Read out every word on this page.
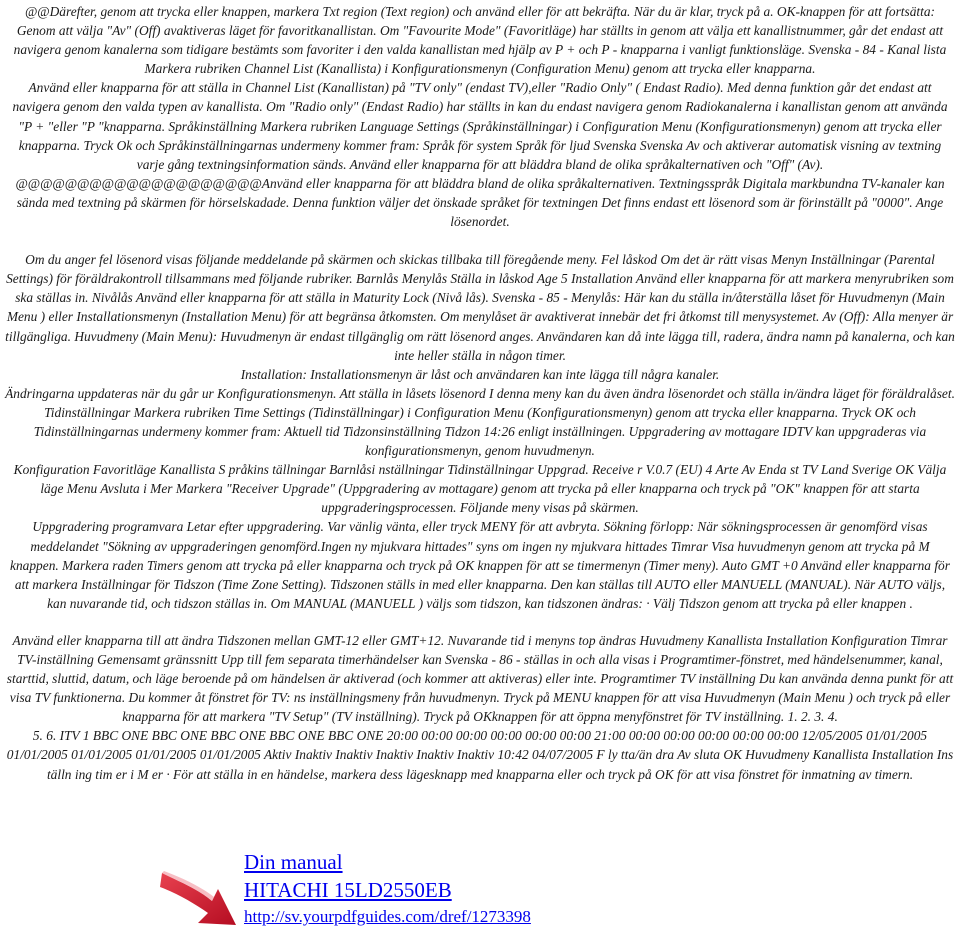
@@Därefter, genom att trycka eller knappen, markera Txt region (Text region) och använd eller för att bekräfta. När du är klar, tryck på a. OK-knappen för att fortsätta: Genom att välja "Av" (Off) avaktiveras läget för favoritkanallistan. Om "Favourite Mode" (Favoritläge) har ställts in genom att välja ett kanallistnummer, går det endast att navigera genom kanalerna som tidigare bestämts som favoriter i den valda kanallistan med hjälp av P + och P - knapparna i vanligt funktionsläge. Svenska - 84 - Kanal lista Markera rubriken Channel List (Kanallista) i Konfigurationsmenyn (Configuration Menu) genom att trycka eller knapparna.

Använd eller knapparna för att ställa in Channel List (Kanallistan) på "TV only" (endast TV),eller "Radio Only" ( Endast Radio). Med denna funktion går det endast att navigera genom den valda typen av kanallista. Om "Radio only" (Endast Radio) har ställts in kan du endast navigera genom Radiokanalerna i kanallistan genom att använda "P + "eller "P "knapparna. Språkinställning Markera rubriken Language Settings (Språkinställningar) i Configuration Menu (Konfigurationsmenyn) genom att trycka eller knapparna. Tryck Ok och Språkinställningarnas undermeny kommer fram: Språk för system Språk för ljud Svenska Svenska Av och aktiverar automatisk visning av textning varje gång textningsinformation sänds. Använd eller knapparna för att bläddra bland de olika språkalternativen och "Off" (Av). @@@@@@@@@@@@@@@@@@@@Använd eller knapparna för att bläddra bland de olika språkalternativen. Textningsspråk Digitala markbundna TV-kanaler kan sända med textning på skärmen för hörselskadade. Denna funktion väljer det önskade språket för textningen Det finns endast ett lösenord som är förinställt på "0000". Ange lösenordet.

Om du anger fel lösenord visas följande meddelande på skärmen och skickas tillbaka till föregående meny. Fel låskod Om det är rätt visas Menyn Inställningar (Parental Settings) för föräldrakontroll tillsammans med följande rubriker. Barnlås Menylås Ställa in låskod Age 5 Installation Använd eller knapparna för att markera menyrubriken som ska ställas in. Nivålås Använd eller knapparna för att ställa in Maturity Lock (Nivå lås). Svenska - 85 - Menylås: Här kan du ställa in/återställa låset för Huvudmenyn (Main Menu ) eller Installationsmenyn (Installation Menu) för att begränsa åtkomsten. Om menylåset är avaktiverat innebär det fri åtkomst till menysystemet. Av (Off): Alla menyer är tillgängliga. Huvudmeny (Main Menu): Huvudmenyn är endast tillgänglig om rätt lösenord anges. Användaren kan då inte lägga till, radera, ändra namn på kanalerna, och kan inte heller ställa in någon timer.

Installation: Installationsmenyn är låst och användaren kan inte lägga till några kanaler.

Ändringarna uppdateras när du går ur Konfigurationsmenyn. Att ställa in låsets lösenord I denna meny kan du även ändra lösenordet och ställa in/ändra läget för föräldralåset. Tidinställningar Markera rubriken Time Settings (Tidinställningar) i Configuration Menu (Konfigurationsmenyn) genom att trycka eller knapparna. Tryck OK och Tidinställningarnas undermeny kommer fram: Aktuell tid Tidzonsinställning Tidzon 14:26 enligt inställningen. Uppgradering av mottagare IDTV kan uppgraderas via konfigurationsmenyn, genom huvudmenyn.

Konfiguration Favoritläge Kanallista S pråkins tällningar Barnlåsi nställningar Tidinställningar Uppgrad. Receive r V.0.7 (EU) 4 Arte Av Enda st TV Land Sverige OK Välja läge Menu Avsluta i Mer Markera "Receiver Upgrade" (Uppgradering av mottagare) genom att trycka på eller knapparna och tryck på "OK" knappen för att starta uppgraderingsprocessen. Följande meny visas på skärmen.

Uppgradering programvara Letar efter uppgradering. Var vänlig vänta, eller tryck MENY för att avbryta. Sökning förlopp: När sökningsprocessen är genomförd visas meddelandet "Sökning av uppgraderingen genomförd.Ingen ny mjukvara hittades" syns om ingen ny mjukvara hittades Timrar Visa huvudmenyn genom att trycka på M knappen. Markera raden Timers genom att trycka på eller knapparna och tryck på OK knappen för att se timermenyn (Timer meny). Auto GMT +0 Använd eller knapparna för att markera Inställningar för Tidszon (Time Zone Setting). Tidszonen ställs in med eller knapparna. Den kan ställas till AUTO eller MANUELL (MANUAL). När AUTO väljs, kan nuvarande tid, och tidszon ställas in. Om MANUAL (MANUELL ) väljs som tidszon, kan tidszonen ändras: · Välj Tidszon genom att trycka på eller knappen .

Använd eller knapparna till att ändra Tidszonen mellan GMT-12 eller GMT+12. Nuvarande tid i menyns top ändras Huvudmeny Kanallista Installation Konfiguration Timrar TV-inställning Gemensamt gränssnitt Upp till fem separata timerhändelser kan Svenska - 86 - ställas in och alla visas i Programtimer-fönstret, med händelsenummer, kanal, starttid, sluttid, datum, och läge beroende på om händelsen är aktiverad (och kommer att aktiveras) eller inte. Programtimer TV inställning Du kan använda denna punkt för att visa TV funktionerna. Du kommer åt fönstret för TV: ns inställningsmeny från huvudmenyn. Tryck på MENU knappen för att visa Huvudmenyn (Main Menu ) och tryck på eller knapparna för att markera "TV Setup" (TV inställning). Tryck på OKknappen för att öppna menyfönstret för TV inställning. 1. 2. 3. 4.

5. 6. ITV 1 BBC ONE BBC ONE BBC ONE BBC ONE BBC ONE 20:00 00:00 00:00 00:00 00:00 00:00 21:00 00:00 00:00 00:00 00:00 00:00 12/05/2005 01/01/2005 01/01/2005 01/01/2005 01/01/2005 01/01/2005 Aktiv Inaktiv Inaktiv Inaktiv Inaktiv Inaktiv 10:42 04/07/2005 F ly tta/än dra Av sluta OK Huvudmeny Kanallista Installation Ins tälln ing tim er i M er · För att ställa in en händelse, markera dess lägesknapp med knapparna eller och tryck på OK för att visa fönstret för inmatning av timern.

Din manual
HITACHI 15LD2550EB
http://sv.yourpdfguides.com/dref/1273398
